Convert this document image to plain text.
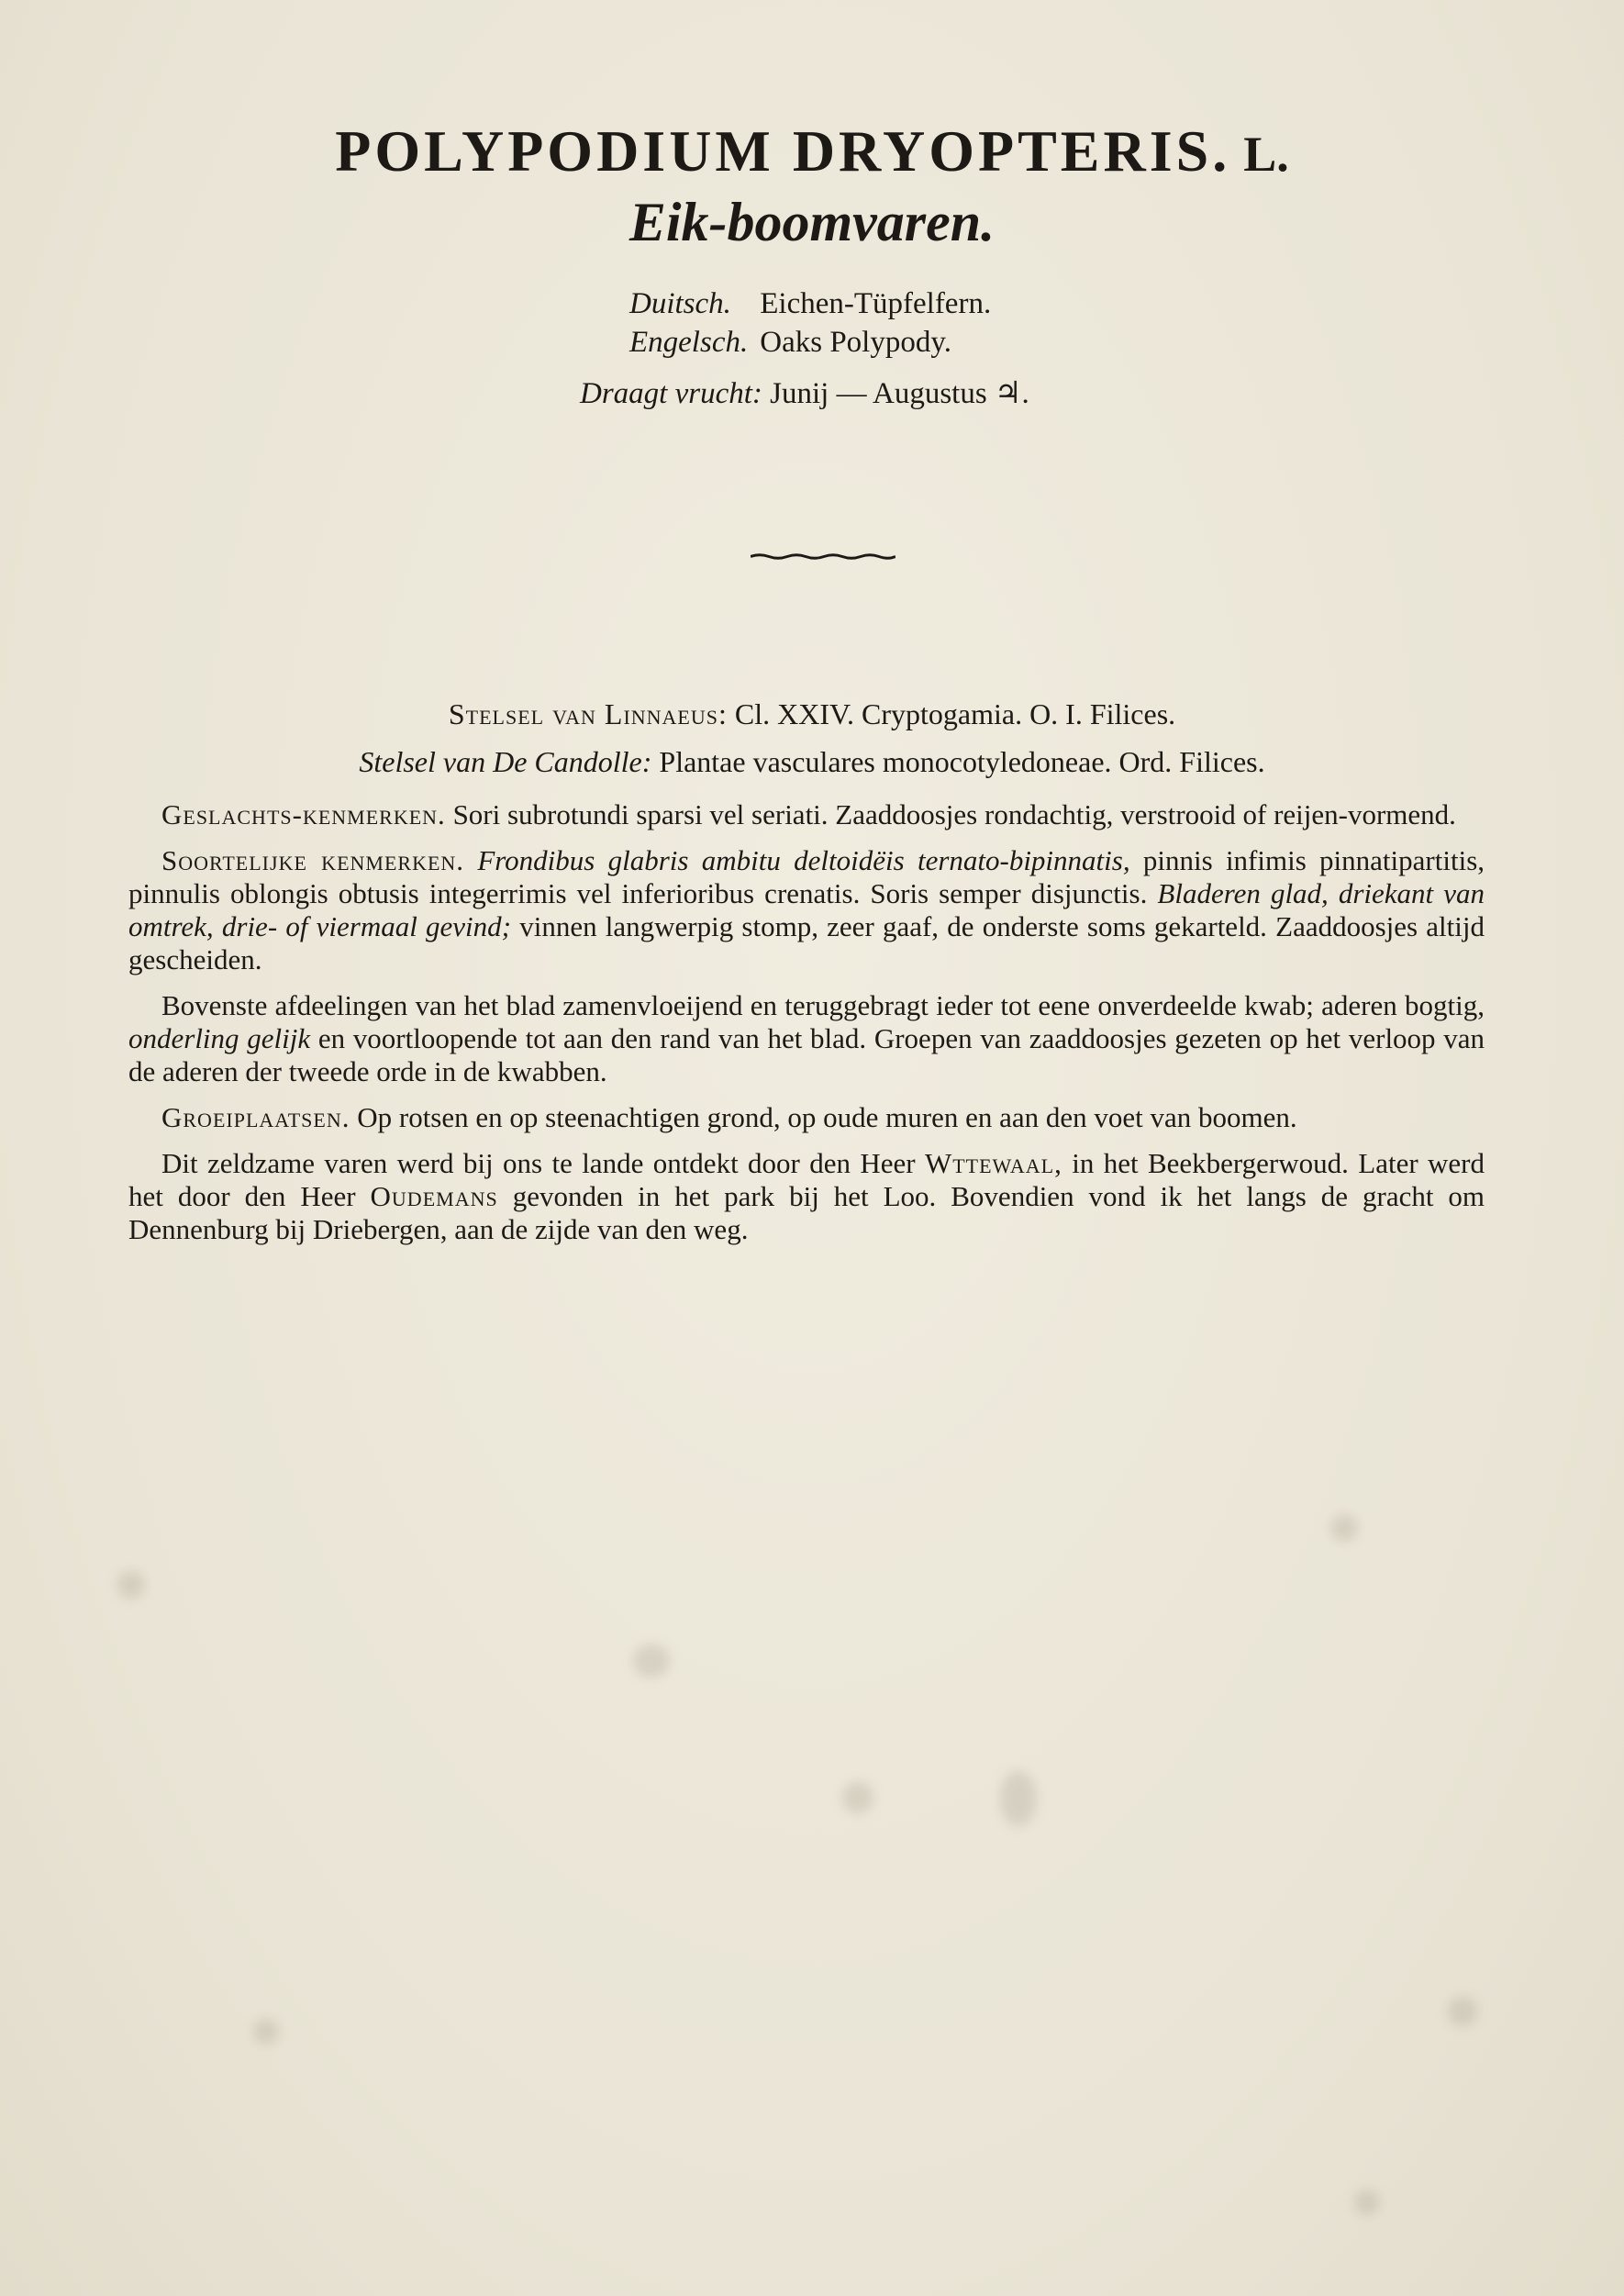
POLYPODIUM DRYOPTERIS. L.
Eik-boomvaren.
Duitsch. Eichen-Tüpfelfern.
Engelsch. Oaks Polypody.
Draagt vrucht: Junij — Augustus ♃.
Stelsel van Linnaeus: Cl. XXIV. Cryptogamia. O. I. Filices.
Stelsel van De Candolle: Plantae vasculares monocotyledoneae. Ord. Filices.

Geslachts-kenmerken. Sori subrotundi sparsi vel seriati. Zaaddoosjes rondachtig, verstrooid of reijen-vormend.

Soortelijke kenmerken. Frondibus glabris ambitu deltoidëis ternato-bipinnatis, pinnis infimis pinnatipartitis, pinnulis oblongis obtusis integerrimis vel inferioribus crenatis. Soris semper disjunctis. Bladeren glad, driekant van omtrek, drie- of viermaal gevind; vinnen langwerpig stomp, zeer gaaf, de onderste soms gekarteld. Zaaddoosjes altijd gescheiden.

Bovenste afdeelingen van het blad zamenvloeijend en teruggebragt ieder tot eene onverdeelde kwab; aderen bogtig, onderling gelijk en voortloopende tot aan den rand van het blad. Groepen van zaaddoosjes gezeten op het verloop van de aderen der tweede orde in de kwabben.

Groeiplaatsen. Op rotsen en op steenachtigen grond, op oude muren en aan den voet van boomen.

Dit zeldzame varen werd bij ons te lande ontdekt door den Heer Wttewaal, in het Beekbergerwoud. Later werd het door den Heer Oudemans gevonden in het park bij het Loo. Bovendien vond ik het langs de gracht om Dennenburg bij Driebergen, aan de zijde van den weg.
